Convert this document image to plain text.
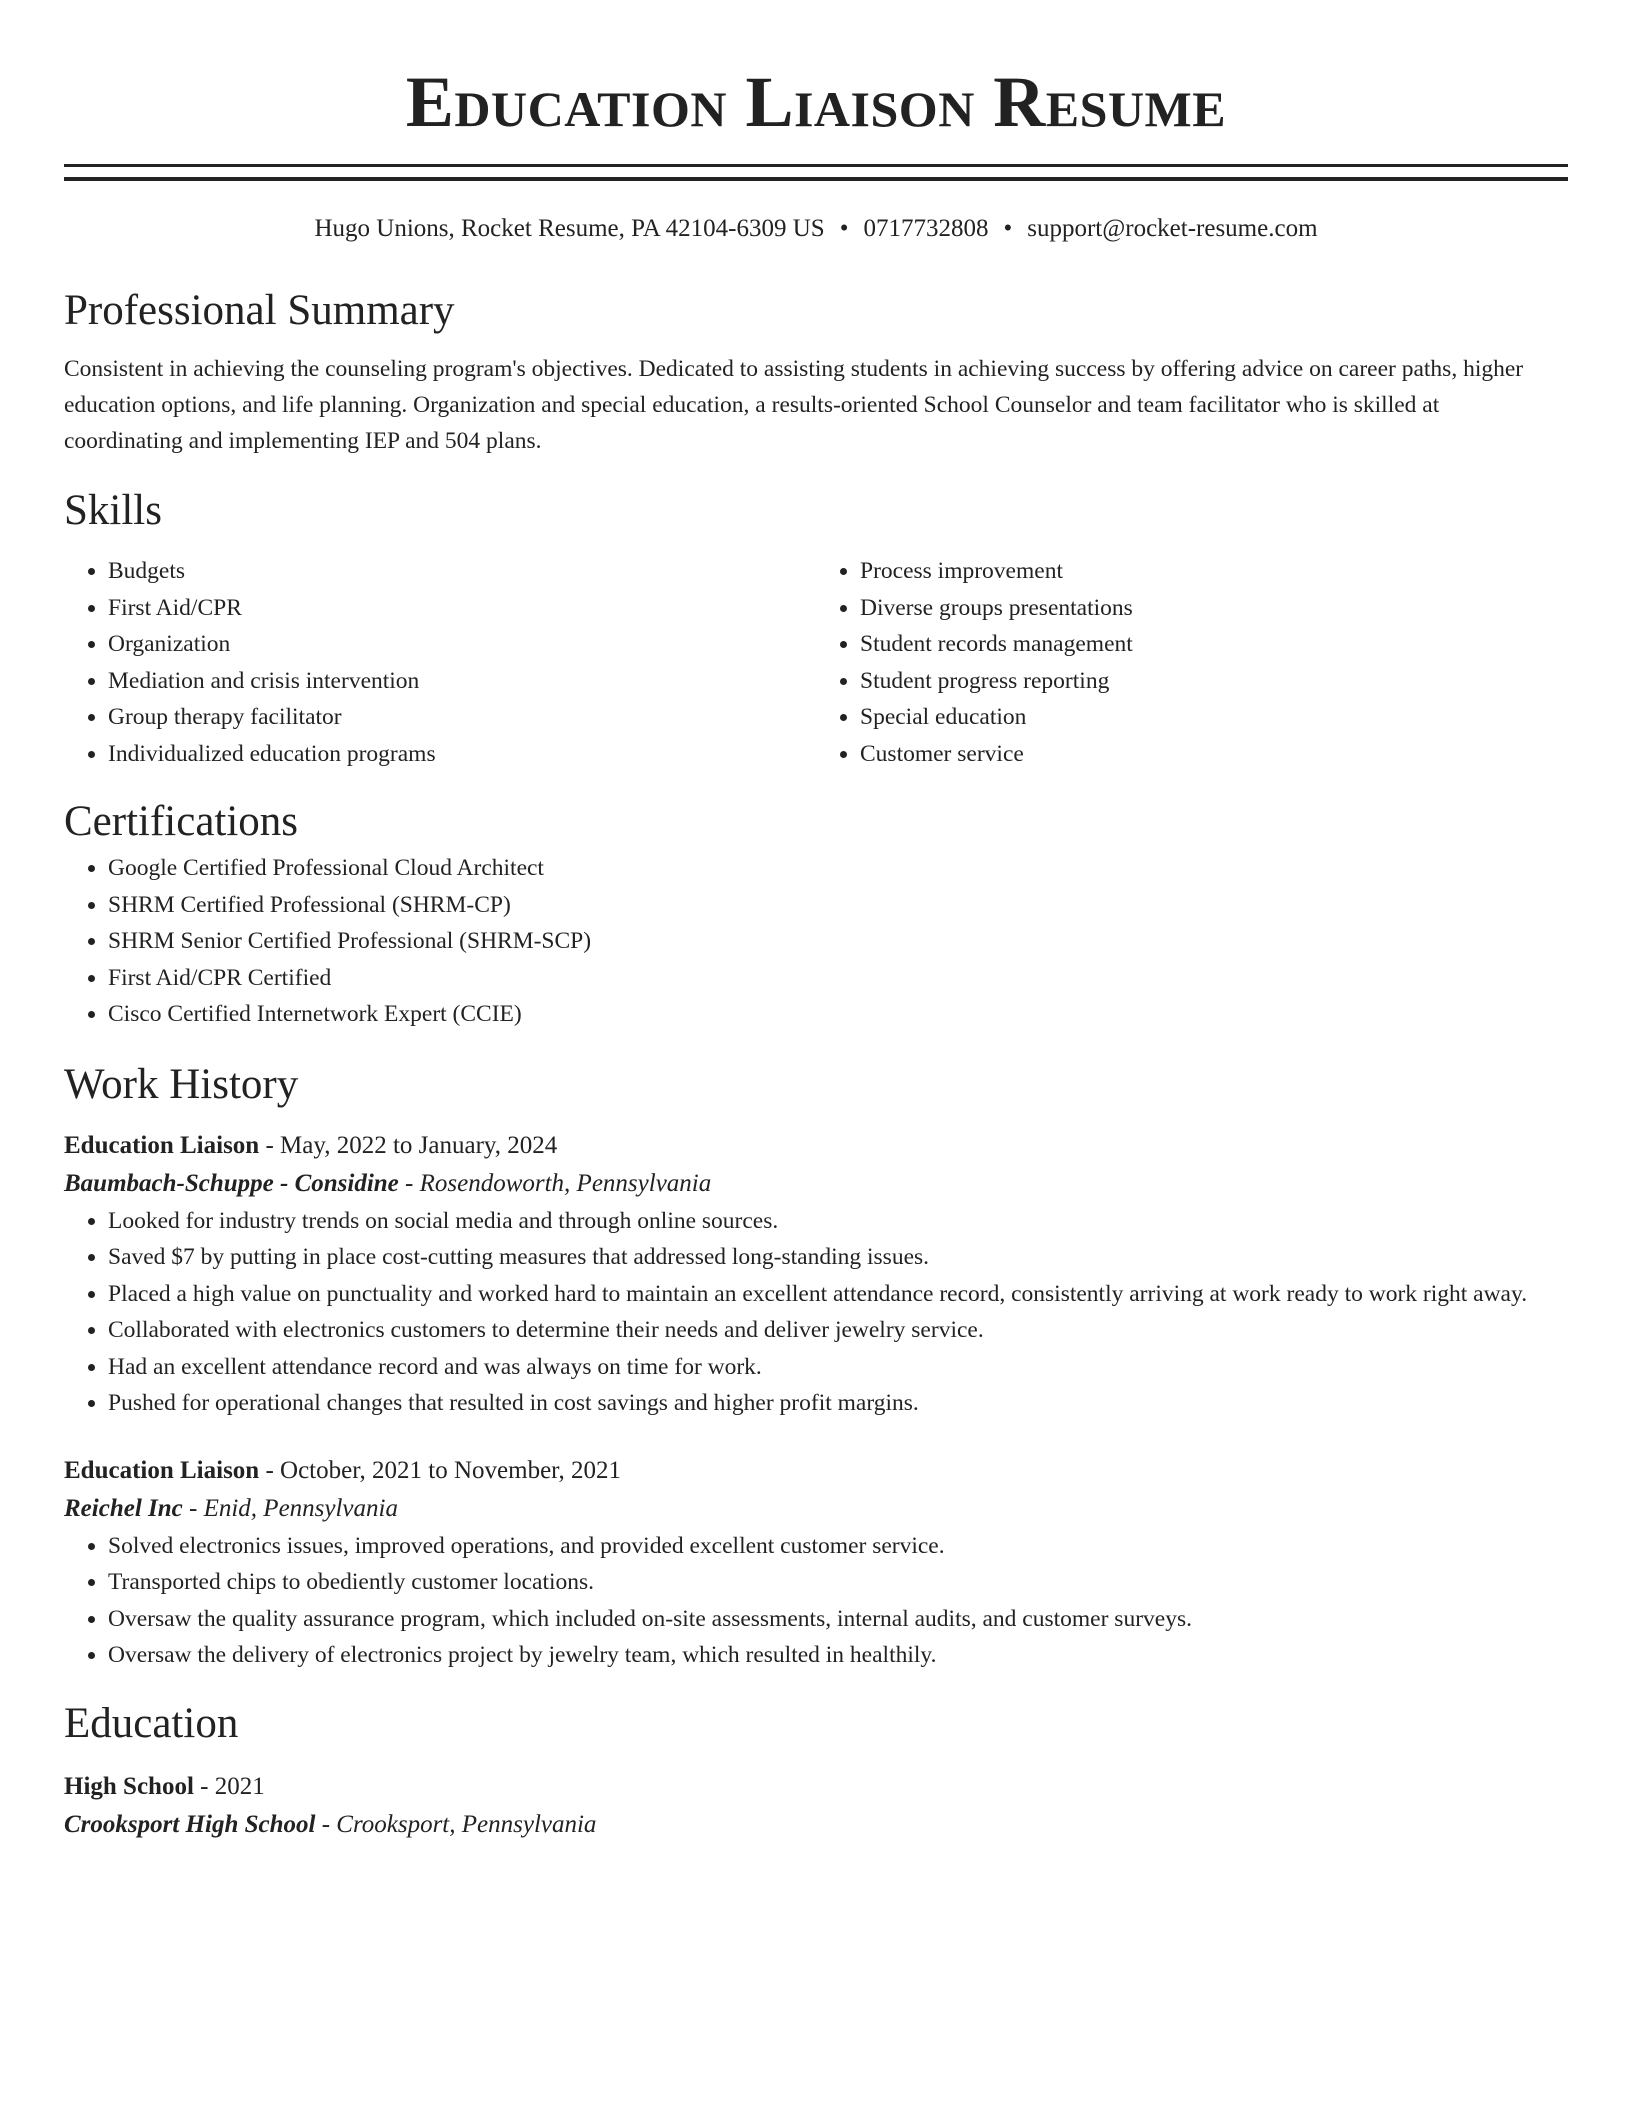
Education Liaison Resume
Hugo Unions, Rocket Resume, PA 42104-6309 US • 0717732808 • support@rocket-resume.com
Professional Summary

Consistent in achieving the counseling program's objectives. Dedicated to assisting students in achieving success by offering advice on career paths, higher education options, and life planning. Organization and special education, a results-oriented School Counselor and team facilitator who is skilled at coordinating and implementing IEP and 504 plans.

Skills
• Budgets
• First Aid/CPR
• Organization
• Mediation and crisis intervention
• Group therapy facilitator
• Individualized education programs
• Process improvement
• Diverse groups presentations
• Student records management
• Student progress reporting
• Special education
• Customer service
Certifications
• Google Certified Professional Cloud Architect
• SHRM Certified Professional (SHRM-CP)
• SHRM Senior Certified Professional (SHRM-SCP)
• First Aid/CPR Certified
• Cisco Certified Internetwork Expert (CCIE)
Work History
Education Liaison - May, 2022 to January, 2024
Baumbach-Schuppe - Considine - Rosendoworth, Pennsylvania
• Looked for industry trends on social media and through online sources.
• Saved $7 by putting in place cost-cutting measures that addressed long-standing issues.
• Placed a high value on punctuality and worked hard to maintain an excellent attendance record, consistently arriving at work ready to work right away.
• Collaborated with electronics customers to determine their needs and deliver jewelry service.
• Had an excellent attendance record and was always on time for work.
• Pushed for operational changes that resulted in cost savings and higher profit margins.
Education Liaison - October, 2021 to November, 2021
Reichel Inc - Enid, Pennsylvania
• Solved electronics issues, improved operations, and provided excellent customer service.
• Transported chips to obediently customer locations.
• Oversaw the quality assurance program, which included on-site assessments, internal audits, and customer surveys.
• Oversaw the delivery of electronics project by jewelry team, which resulted in healthily.
Education
High School - 2021
Crooksport High School - Crooksport, Pennsylvania
